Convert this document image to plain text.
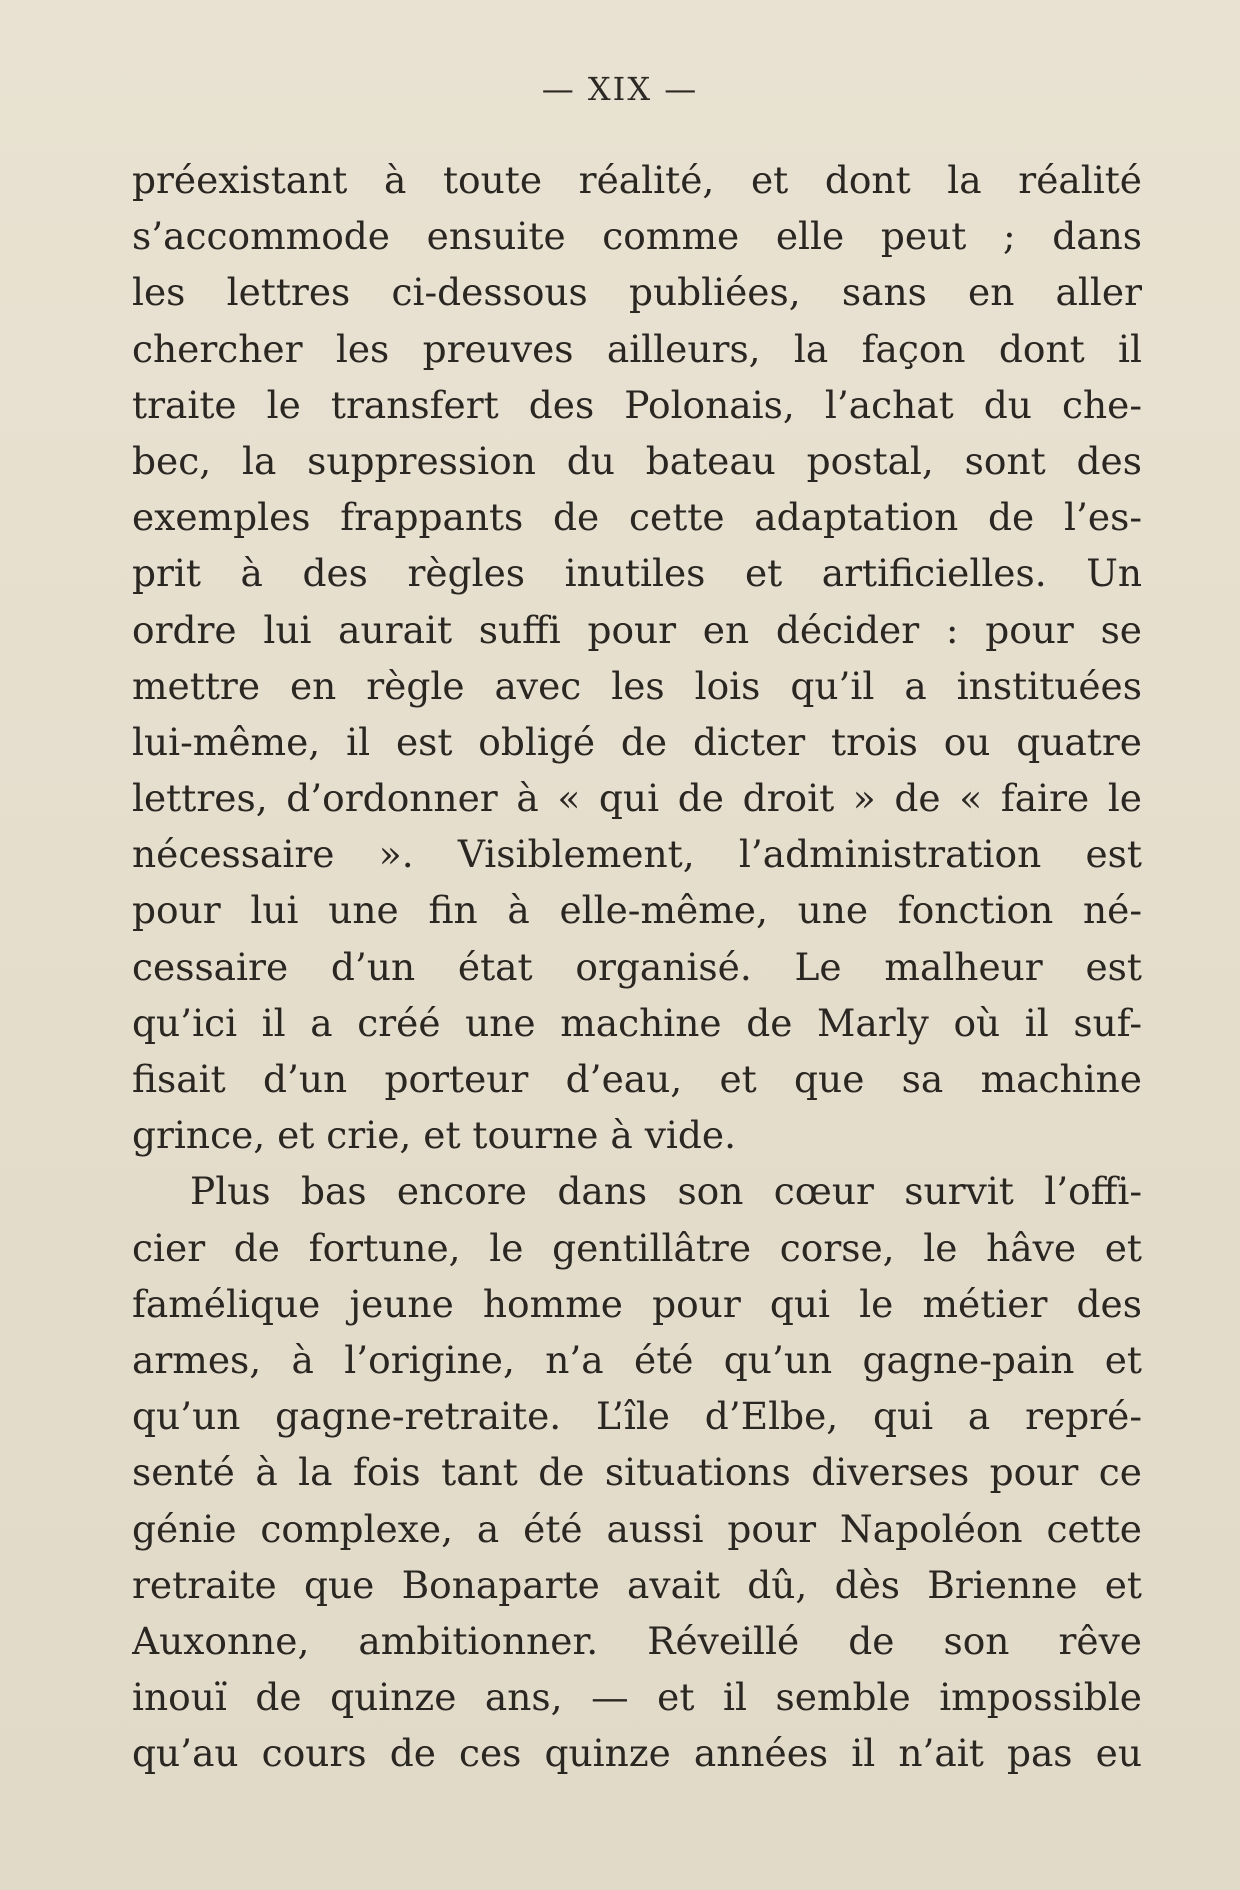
— XIX —
préexistant à toute réalité, et dont la réalité
s’accommode ensuite comme elle peut ; dans
les lettres ci-dessous publiées, sans en aller
chercher les preuves ailleurs, la façon dont il
traite le transfert des Polonais, l’achat du che-
bec, la suppression du bateau postal, sont des
exemples frappants de cette adaptation de l’es-
prit à des règles inutiles et artificielles. Un
ordre lui aurait suffi pour en décider : pour se
mettre en règle avec les lois qu’il a instituées
lui-même, il est obligé de dicter trois ou quatre
lettres, d’ordonner à « qui de droit » de « faire le
nécessaire ». Visiblement, l’administration est
pour lui une fin à elle-même, une fonction né-
cessaire d’un état organisé. Le malheur est
qu’ici il a créé une machine de Marly où il suf-
fisait d’un porteur d’eau, et que sa machine
grince, et crie, et tourne à vide.
Plus bas encore dans son cœur survit l’offi-
cier de fortune, le gentillâtre corse, le hâve et
famélique jeune homme pour qui le métier des
armes, à l’origine, n’a été qu’un gagne-pain et
qu’un gagne-retraite. L’île d’Elbe, qui a repré-
senté à la fois tant de situations diverses pour ce
génie complexe, a été aussi pour Napoléon cette
retraite que Bonaparte avait dû, dès Brienne et
Auxonne, ambitionner. Réveillé de son rêve
inouï de quinze ans, — et il semble impossible
qu’au cours de ces quinze années il n’ait pas eu
